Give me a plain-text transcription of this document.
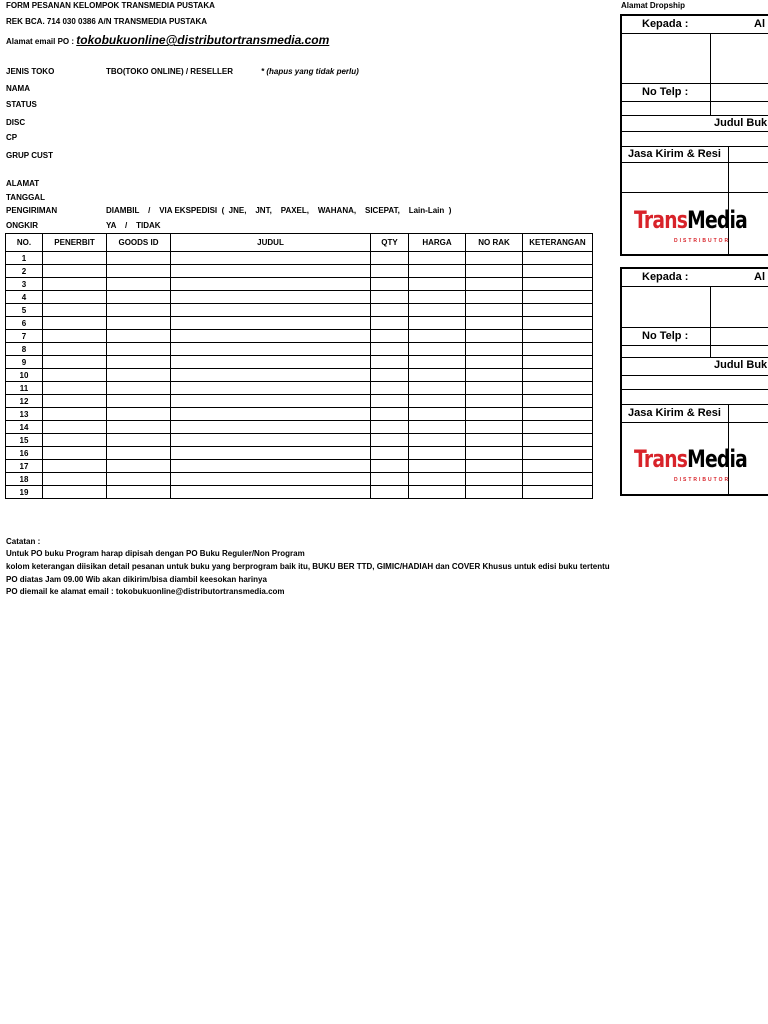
FORM PESANAN KELOMPOK TRANSMEDIA PUSTAKA
REK BCA. 714 030 0386 A/N TRANSMEDIA PUSTAKA
Alamat email PO : tokobukuonline@distributortransmedia.com
JENIS TOKO	TBO(TOKO ONLINE) / RESELLER	* (hapus yang tidak perlu)
NAMA
STATUS
DISC
CP
GRUP CUST
ALAMAT
TANGGAL
PENGIRIMAN	DIAMBIL    /    VIA EKSPEDISI  (  JNE,    JNT,    PAXEL,    WAHANA,    SICEPAT,    Lain-Lain  )
ONGKIR	YA    /    TIDAK
NO.	PENERBIT	GOODS ID	JUDUL	QTY	HARGA	NO RAK	KETERANGAN
1							
2							
3							
4							
5							
6							
7							
8							
9							
10							
11							
12							
13							
14							
15							
16							
17							
18							
19							
Catatan :
Untuk PO buku Program harap dipisah dengan PO Buku Reguler/Non Program
kolom keterangan diisikan detail pesanan untuk buku yang berprogram baik itu, BUKU BER TTD, GIMIC/HADIAH dan COVER Khusus untuk edisi buku tertentu
PO diatas Jam 09.00 Wib akan dikirim/bisa diambil keesokan harinya
PO diemail ke alamat email : tokobukuonline@distributortransmedia.com
Alamat Dropship
Kepada :	Al
No Telp :
Judul Buk
Jasa Kirim & Resi
TransMedia
DISTRIBUTOR
Kepada :	Al
No Telp :
Judul Buk
Jasa Kirim & Resi
TransMedia
DISTRIBUTOR
